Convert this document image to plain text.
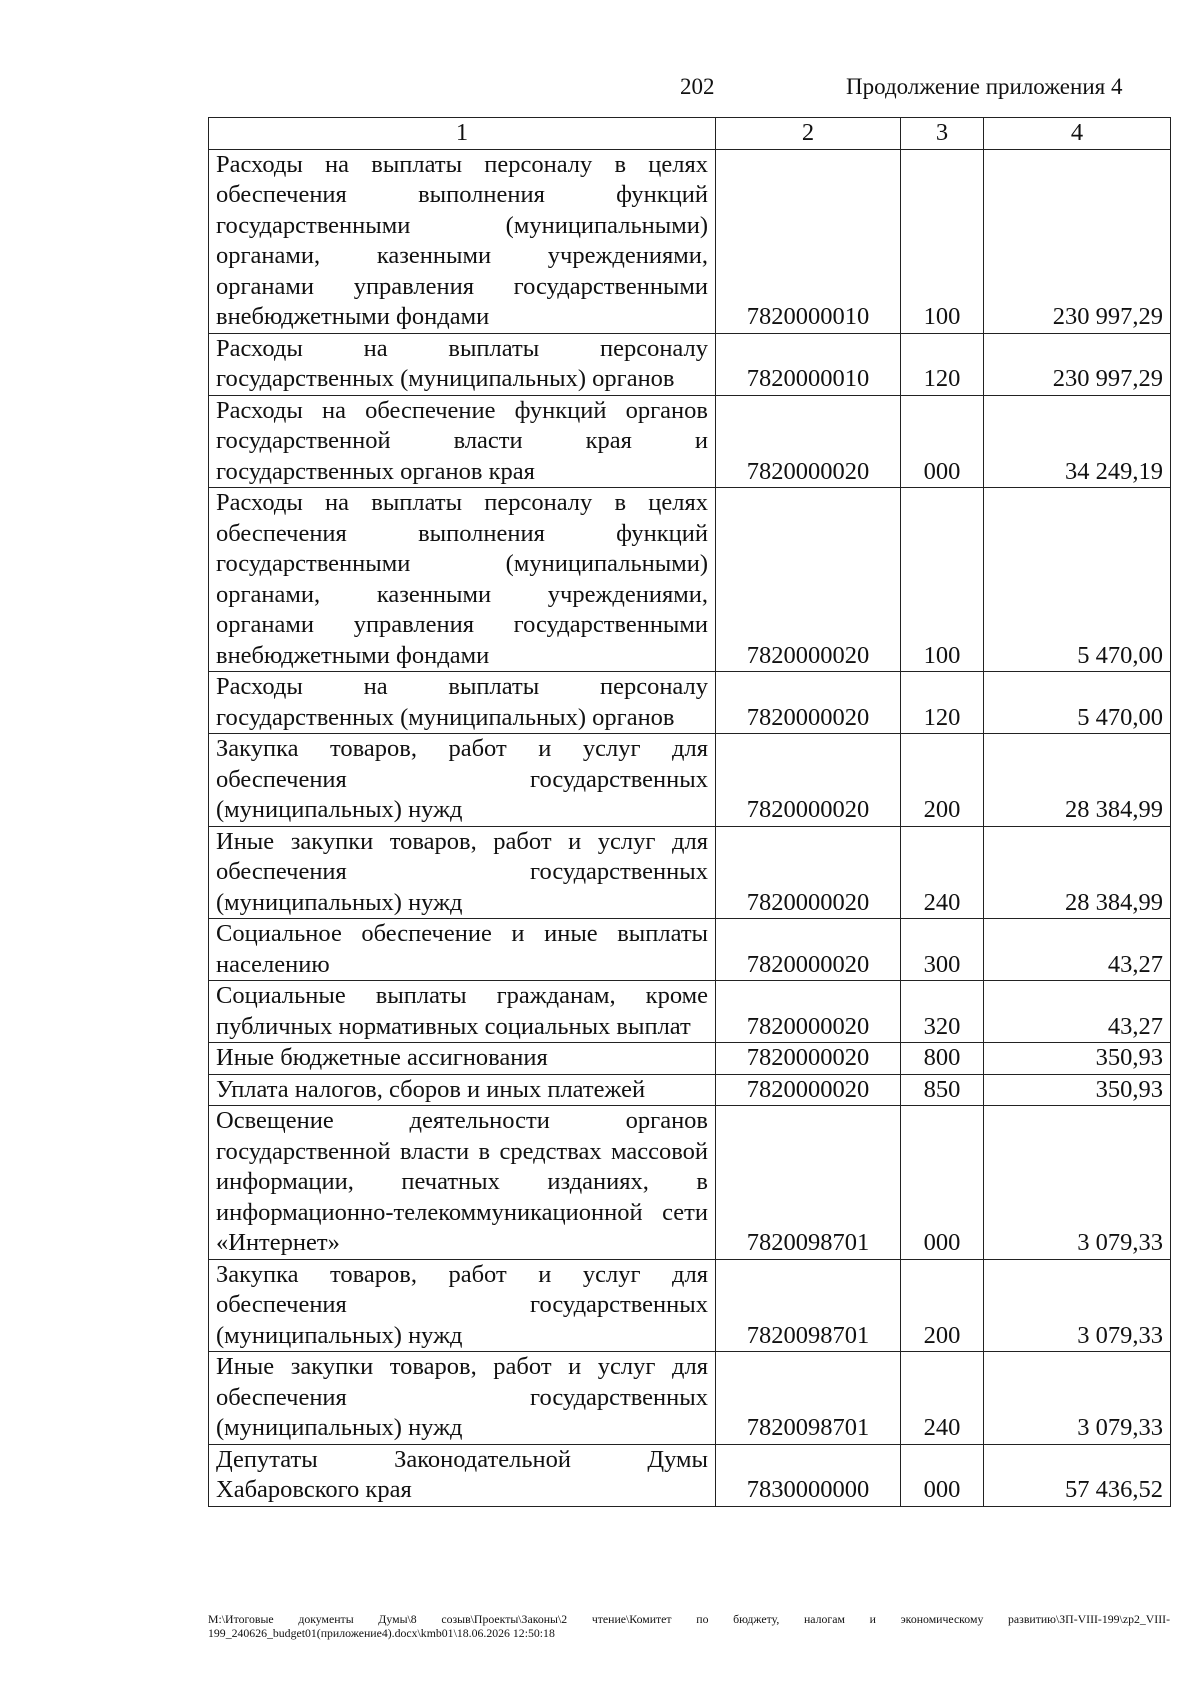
202	Продолжение приложения 4
1	2	3	4
Расходы на выплаты персоналу в целях обеспечения выполнения функций государственными (муниципальными) органами, казенными учреждениями, органами управления государственными внебюджетными фондами	7820000010	100	230 997,29
Расходы на выплаты персоналу государственных (муниципальных) органов	7820000010	120	230 997,29
Расходы на обеспечение функций органов государственной власти края и государственных органов края	7820000020	000	34 249,19
Расходы на выплаты персоналу в целях обеспечения выполнения функций государственными (муниципальными) органами, казенными учреждениями, органами управления государственными внебюджетными фондами	7820000020	100	5 470,00
Расходы на выплаты персоналу государственных (муниципальных) органов	7820000020	120	5 470,00
Закупка товаров, работ и услуг для обеспечения государственных (муниципальных) нужд	7820000020	200	28 384,99
Иные закупки товаров, работ и услуг для обеспечения государственных (муниципальных) нужд	7820000020	240	28 384,99
Социальное обеспечение и иные выплаты населению	7820000020	300	43,27
Социальные выплаты гражданам, кроме публичных нормативных социальных выплат	7820000020	320	43,27
Иные бюджетные ассигнования	7820000020	800	350,93
Уплата налогов, сборов и иных платежей	7820000020	850	350,93
Освещение деятельности органов государственной власти в средствах массовой информации, печатных изданиях, в информационно-телекоммуникационной сети «Интернет»	7820098701	000	3 079,33
Закупка товаров, работ и услуг для обеспечения государственных (муниципальных) нужд	7820098701	200	3 079,33
Иные закупки товаров, работ и услуг для обеспечения государственных (муниципальных) нужд	7820098701	240	3 079,33
Депутаты Законодательной Думы Хабаровского края	7830000000	000	57 436,52
M:\Итоговые документы Думы\8 созыв\Проекты\Законы\2 чтение\Комитет по бюджету, налогам и экономическому развитию\ЗП-VIII-199\zp2_VIII-199_240626_budget01(приложение4).docx\kmb01\18.06.2026 12:50:18
